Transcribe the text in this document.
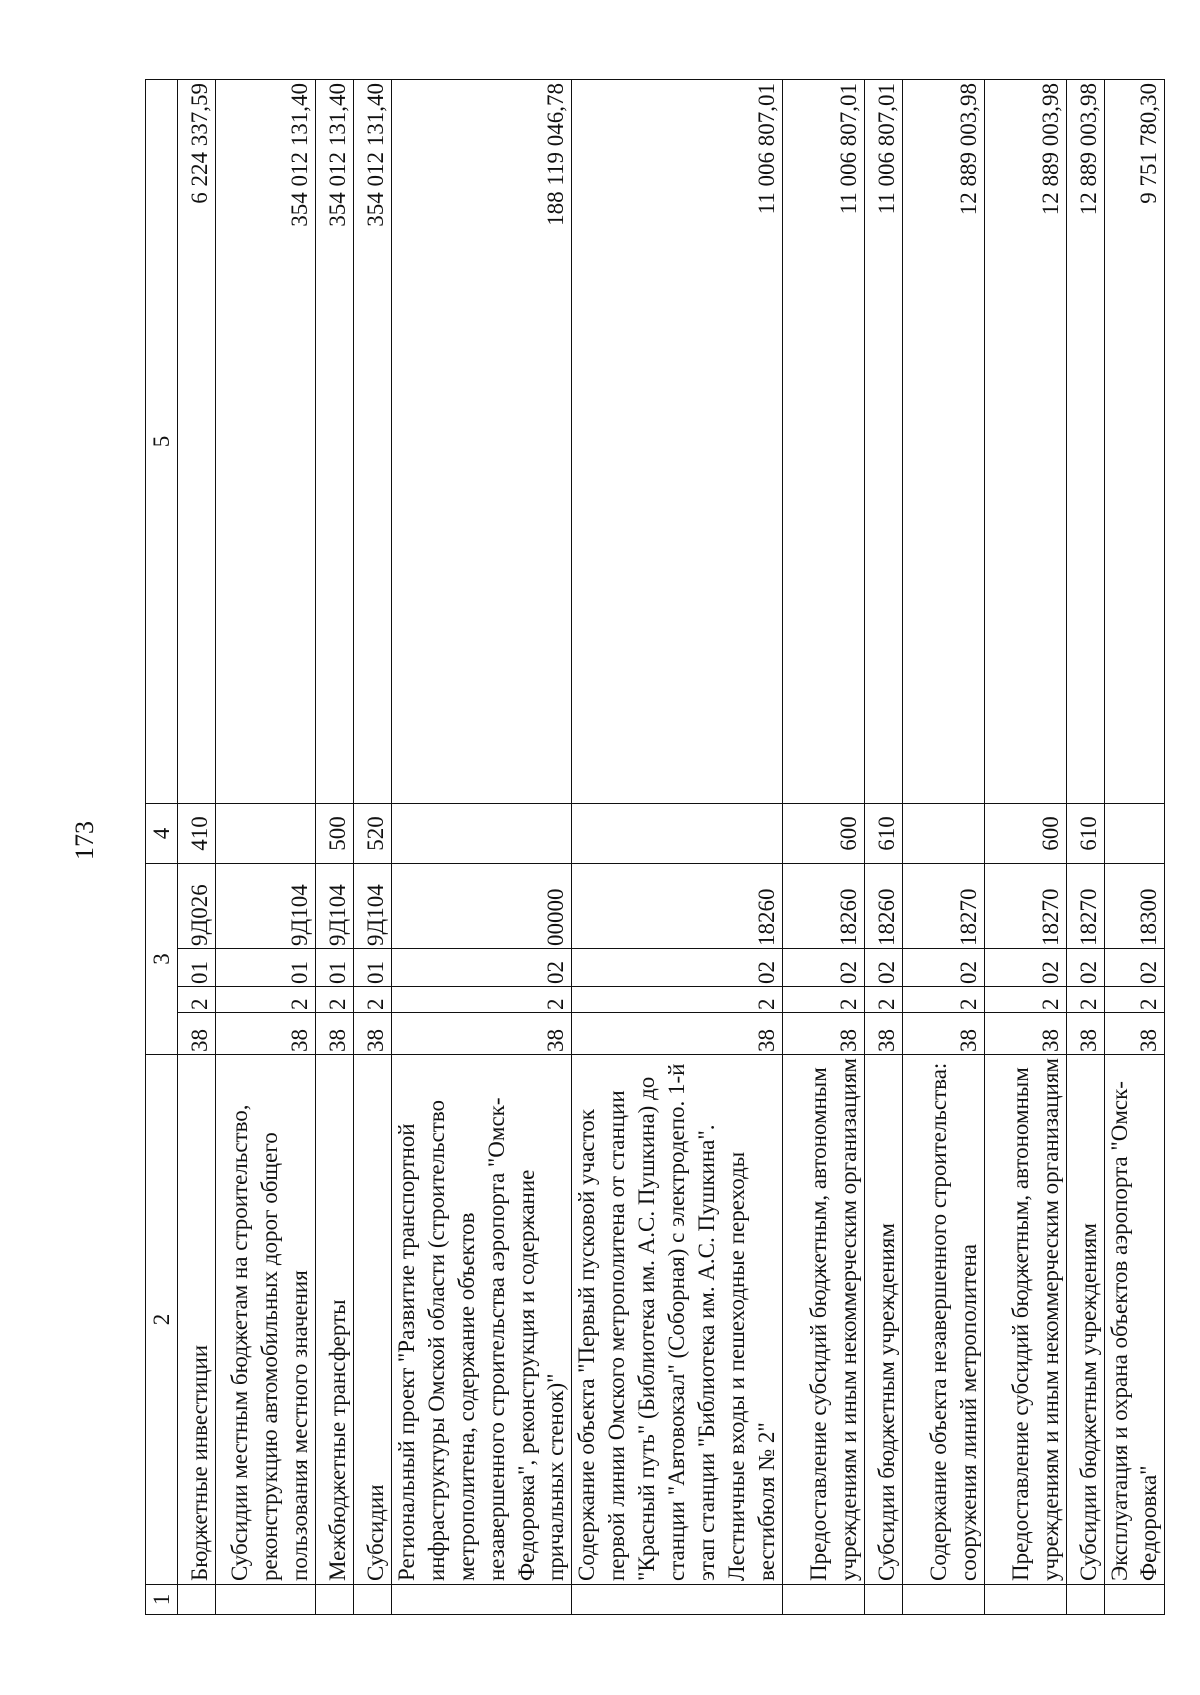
173
1	2	3				4	5
	Бюджетные инвестиции	38	2	01	9Д026	410	6 224 337,59
	Субсидии местным бюджетам на строительство, реконструкцию автомобильных дорог общего пользования местного значения	38	2	01	9Д104		354 012 131,40
	Межбюджетные трансферты	38	2	01	9Д104	500	354 012 131,40
	Субсидии	38	2	01	9Д104	520	354 012 131,40
	Региональный проект "Развитие транспортной инфраструктуры Омской области (строительство метрополитена, содержание объектов незавершенного строительства аэропорта "Омск-Федоровка", реконструкция и содержание причальных стенок)"	38	2	02	00000		188 119 046,78
	Содержание объекта "Первый пусковой участок первой линии Омского метрополитена от станции "Красный путь" (Библиотека им. А.С. Пушкина) до станции "Автовокзал" (Соборная) с электродепо. 1-й этап станции "Библиотека им. А.С. Пушкина". Лестничные входы и пешеходные переходы вестибюля № 2"	38	2	02	18260		11 006 807,01
	Предоставление субсидий бюджетным, автономным учреждениям и иным некоммерческим организациям	38	2	02	18260	600	11 006 807,01
	Субсидии бюджетным учреждениям	38	2	02	18260	610	11 006 807,01
	Содержание объекта незавершенного строительства: сооружения линий метрополитена	38	2	02	18270		12 889 003,98
	Предоставление субсидий бюджетным, автономным учреждениям и иным некоммерческим организациям	38	2	02	18270	600	12 889 003,98
	Субсидии бюджетным учреждениям	38	2	02	18270	610	12 889 003,98
	Эксплуатация и охрана объектов аэропорта "Омск-Федоровка"	38	2	02	18300		9 751 780,30
